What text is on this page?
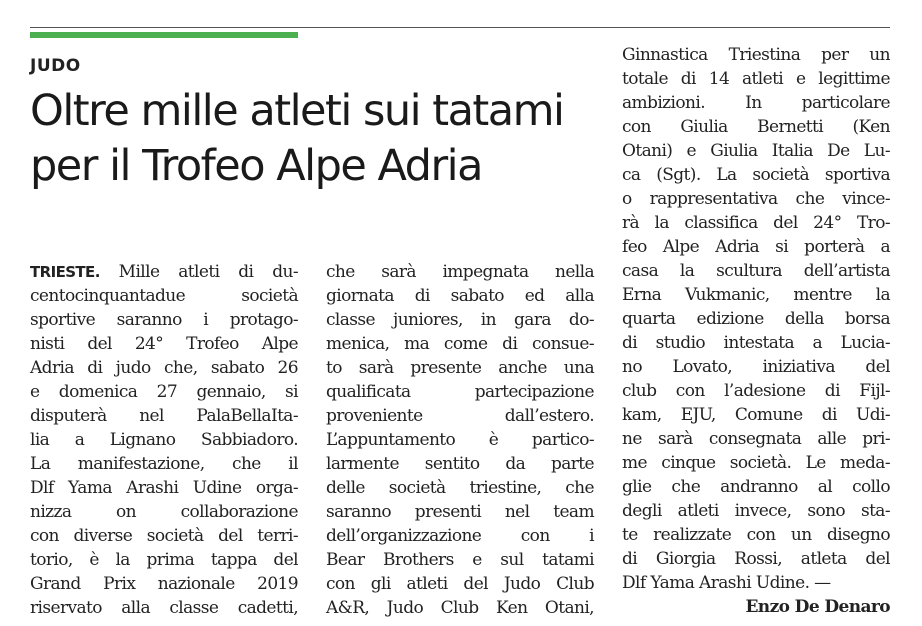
JUDO
Oltre mille atleti sui tatami
per il Trofeo Alpe Adria
TRIESTE. Mille atleti di du-
centocinquantadue società
sportive saranno i protago-
nisti del 24° Trofeo Alpe
Adria di judo che, sabato 26
e domenica 27 gennaio, si
disputerà nel PalaBellaIta-
lia a Lignano Sabbiadoro.
La manifestazione, che il
Dlf Yama Arashi Udine orga-
nizza on collaborazione
con diverse società del terri-
torio, è la prima tappa del
Grand Prix nazionale 2019
riservato alla classe cadetti,
che sarà impegnata nella
giornata di sabato ed alla
classe juniores, in gara do-
menica, ma come di consue-
to sarà presente anche una
qualificata partecipazione
proveniente dall’estero.
L’appuntamento è partico-
larmente sentito da parte
delle società triestine, che
saranno presenti nel team
dell’organizzazione con i
Bear Brothers e sul tatami
con gli atleti del Judo Club
A&R, Judo Club Ken Otani,
Ginnastica Triestina per un
totale di 14 atleti e legittime
ambizioni. In particolare
con Giulia Bernetti (Ken
Otani) e Giulia Italia De Lu-
ca (Sgt). La società sportiva
o rappresentativa che vince-
rà la classifica del 24° Tro-
feo Alpe Adria si porterà a
casa la scultura dell’artista
Erna Vukmanic, mentre la
quarta edizione della borsa
di studio intestata a Lucia-
no Lovato, iniziativa del
club con l’adesione di Fijl-
kam, EJU, Comune di Udi-
ne sarà consegnata alle pri-
me cinque società. Le meda-
glie che andranno al collo
degli atleti invece, sono sta-
te realizzate con un disegno
di Giorgia Rossi, atleta del
Dlf Yama Arashi Udine. —
Enzo De Denaro
